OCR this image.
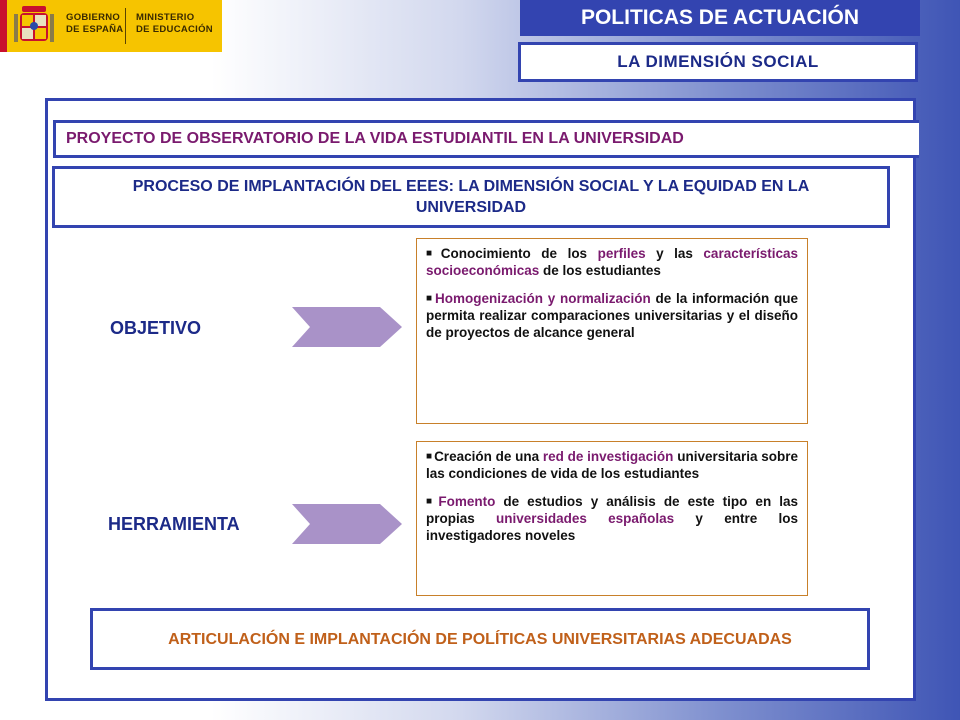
GOBIERNO
DE ESPAÑA
MINISTERIO
DE EDUCACIÓN
POLITICAS DE ACTUACIÓN
LA DIMENSIÓN SOCIAL
PROYECTO DE OBSERVATORIO DE LA VIDA ESTUDIANTIL EN LA UNIVERSIDAD
PROCESO DE IMPLANTACIÓN DEL EEES: LA DIMENSIÓN SOCIAL Y LA EQUIDAD EN LA UNIVERSIDAD
OBJETIVO

■ Conocimiento de los perfiles y las características socioeconómicas de los estudiantes

■ Homogenización y normalización de la información que permita realizar comparaciones universitarias y el diseño de proyectos de alcance general

HERRAMIENTA

■ Creación de una red de investigación universitaria sobre las condiciones de vida de los estudiantes

■ Fomento de estudios y análisis de este tipo en las propias universidades españolas y entre los investigadores noveles

ARTICULACIÓN E IMPLANTACIÓN DE POLÍTICAS UNIVERSITARIAS ADECUADAS
